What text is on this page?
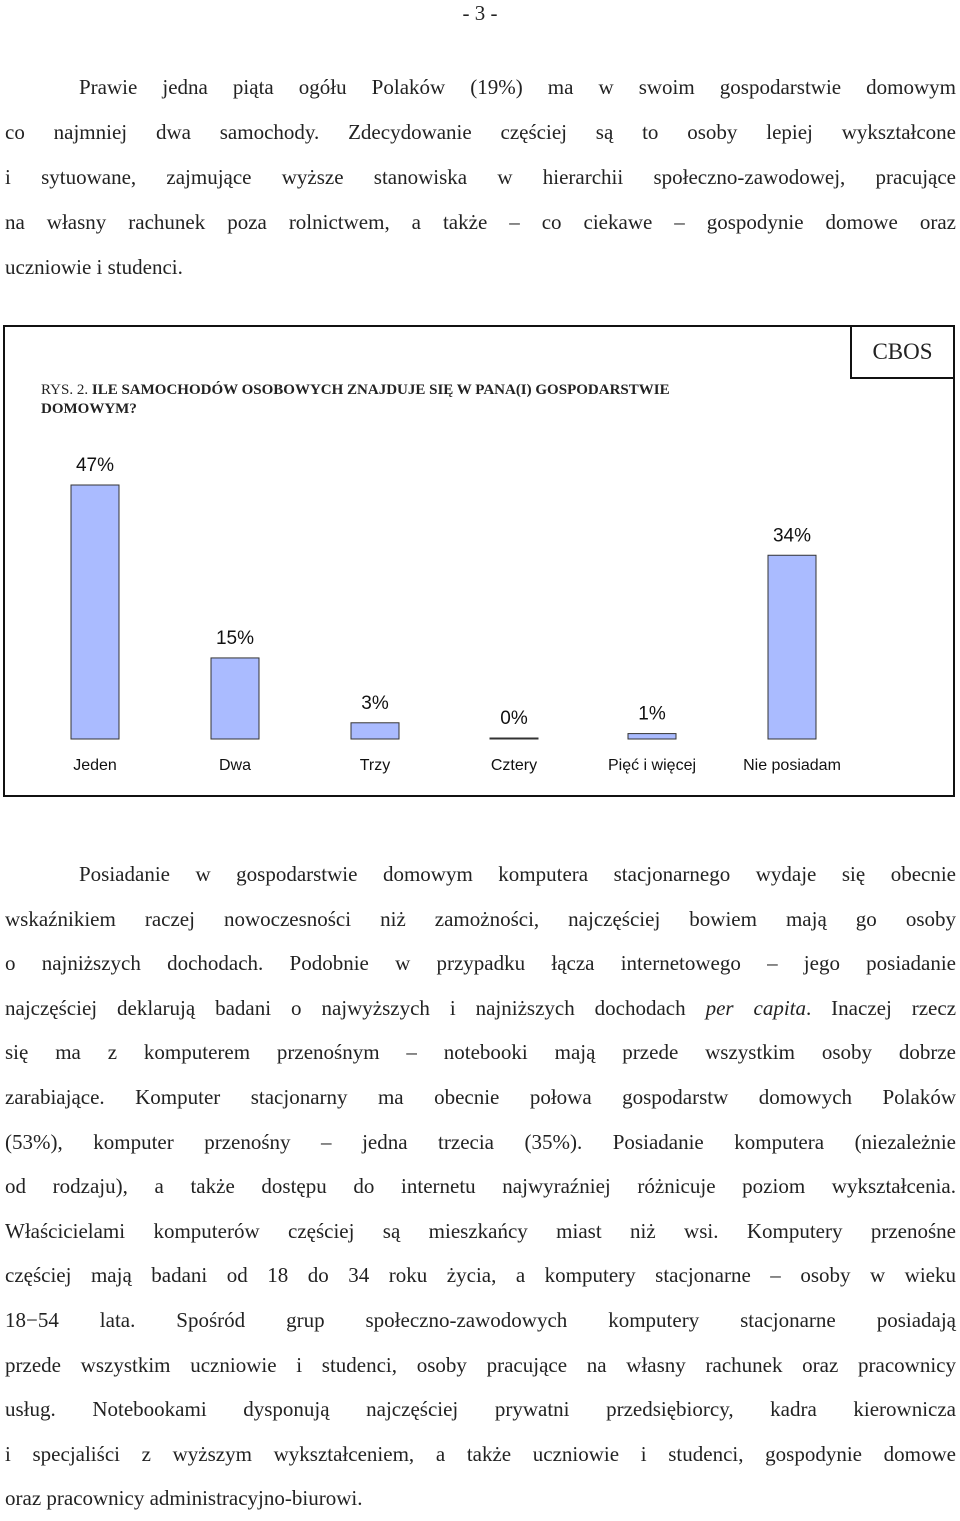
- 3 -

Prawie jedna piąta ogółu Polaków (19%) ma w swoim gospodarstwie domowym
co najmniej dwa samochody. Zdecydowanie częściej są to osoby lepiej wykształcone
i sytuowane, zajmujące wyższe stanowiska w hierarchii społeczno-zawodowej, pracujące
na własny rachunek poza rolnictwem, a także – co ciekawe – gospodynie domowe oraz
uczniowie i studenci.

CBOS
RYS. 2. ILE SAMOCHODÓW OSOBOWYCH ZNAJDUJE SIĘ W PANA(I) GOSPODARSTWIE
DOMOWYM?
47%
Jeden
15%
Dwa
3%
Trzy
0%
Cztery
1%
Pięć i więcej
34%
Nie posiadam

Posiadanie w gospodarstwie domowym komputera stacjonarnego wydaje się obecnie
wskaźnikiem raczej nowoczesności niż zamożności, najczęściej bowiem mają go osoby
o najniższych dochodach. Podobnie w przypadku łącza internetowego – jego posiadanie
najczęściej deklarują badani o najwyższych i najniższych dochodach per capita. Inaczej rzecz
się ma z komputerem przenośnym – notebooki mają przede wszystkim osoby dobrze
zarabiające. Komputer stacjonarny ma obecnie połowa gospodarstw domowych Polaków
(53%), komputer przenośny – jedna trzecia (35%). Posiadanie komputera (niezależnie
od rodzaju), a także dostępu do internetu najwyraźniej różnicuje poziom wykształcenia.
Właścicielami komputerów częściej są mieszkańcy miast niż wsi. Komputery przenośne
częściej mają badani od 18 do 34 roku życia, a komputery stacjonarne – osoby w wieku
18−54 lata. Spośród grup społeczno-zawodowych komputery stacjonarne posiadają
przede wszystkim uczniowie i studenci, osoby pracujące na własny rachunek oraz pracownicy
usług. Notebookami dysponują najczęściej prywatni przedsiębiorcy, kadra kierownicza
i specjaliści z wyższym wykształceniem, a także uczniowie i studenci, gospodynie domowe
oraz pracownicy administracyjno-biurowi.
